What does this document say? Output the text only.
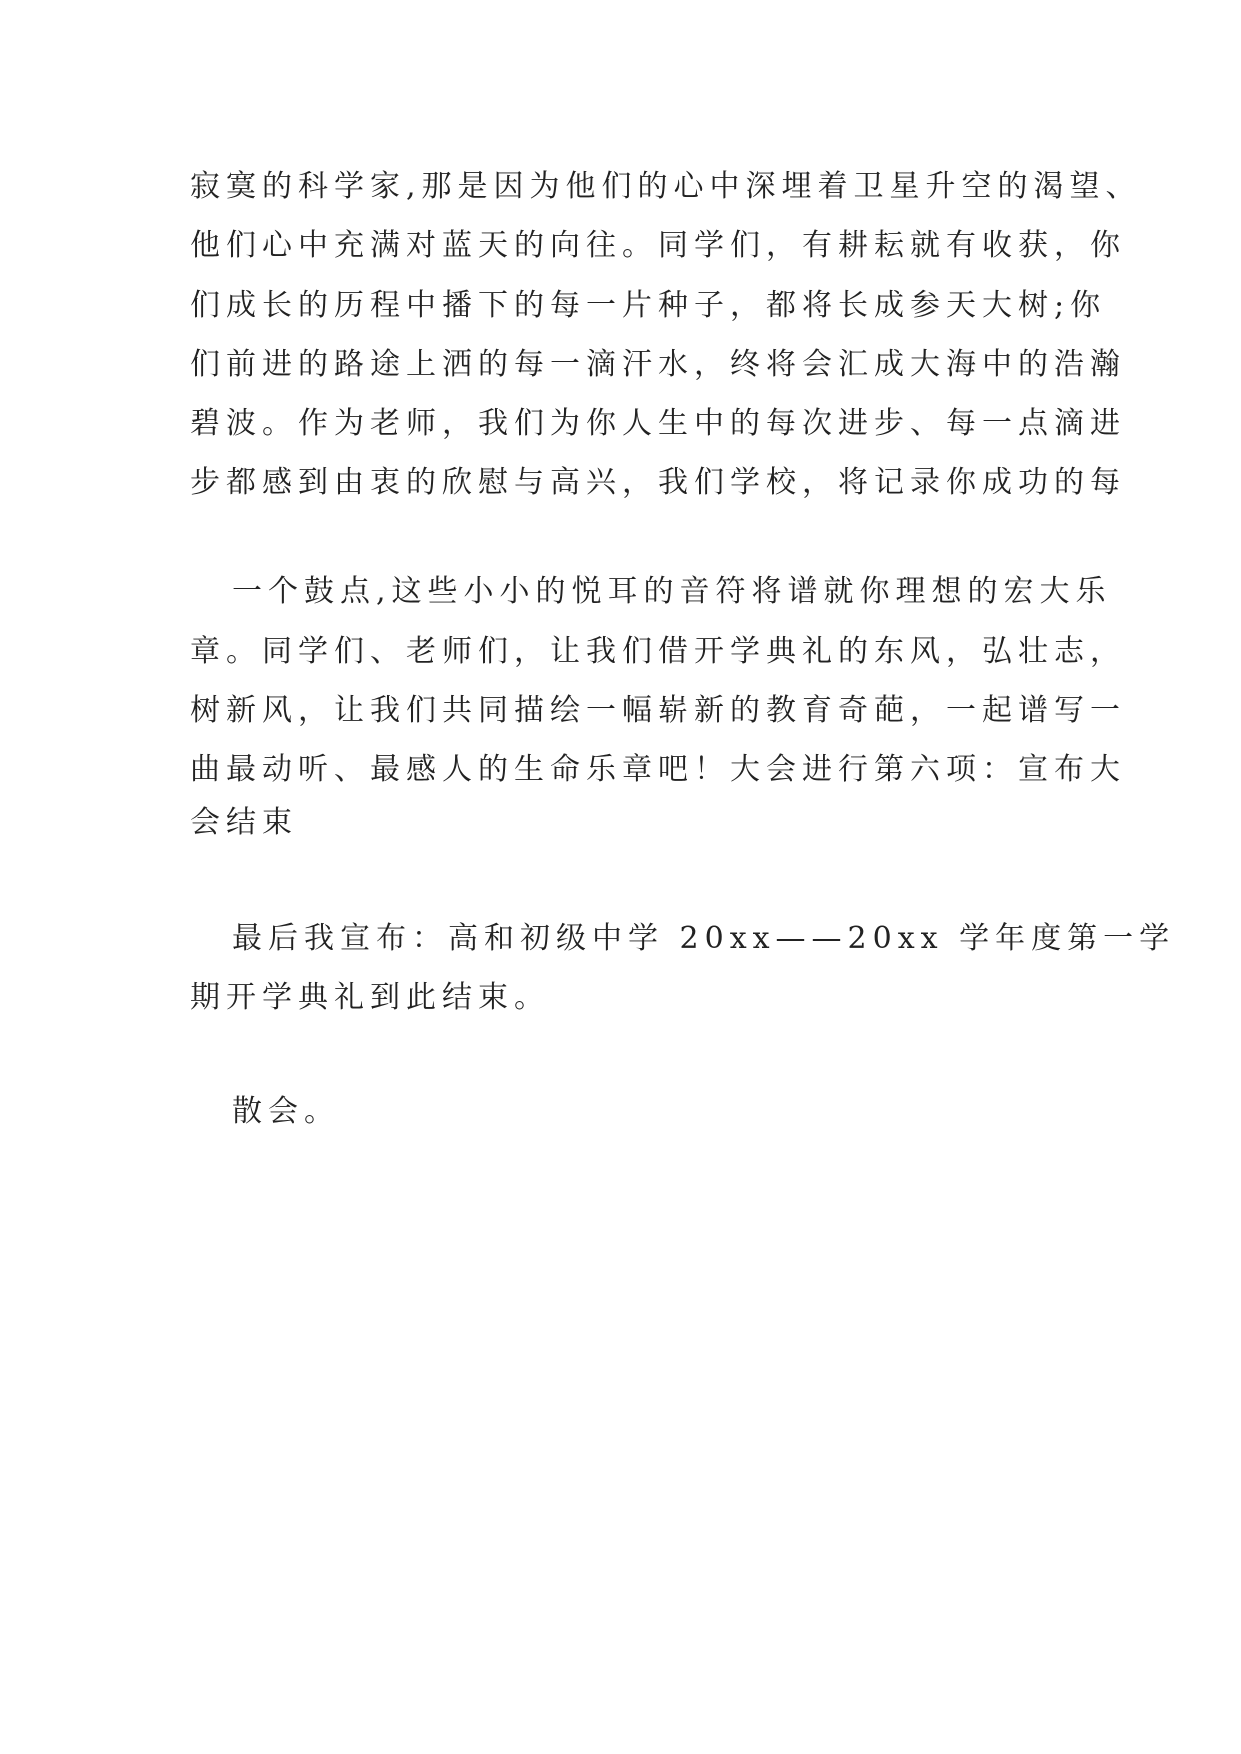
寂寞的科学家,那是因为他们的心中深埋着卫星升空的渴望、
他们心中充满对蓝天的向往。同学们，有耕耘就有收获，你
们成长的历程中播下的每一片种子，都将长成参天大树;你
们前进的路途上洒的每一滴汗水，终将会汇成大海中的浩瀚
碧波。作为老师，我们为你人生中的每次进步、每一点滴进
步都感到由衷的欣慰与高兴，我们学校，将记录你成功的每
一个鼓点,这些小小的悦耳的音符将谱就你理想的宏大乐
章。同学们、老师们，让我们借开学典礼的东风，弘壮志，
树新风，让我们共同描绘一幅崭新的教育奇葩，一起谱写一
曲最动听、最感人的生命乐章吧！大会进行第六项：宣布大
会结束
最后我宣布：高和初级中学 20xx——20xx 学年度第一学
期开学典礼到此结束。
散会。
